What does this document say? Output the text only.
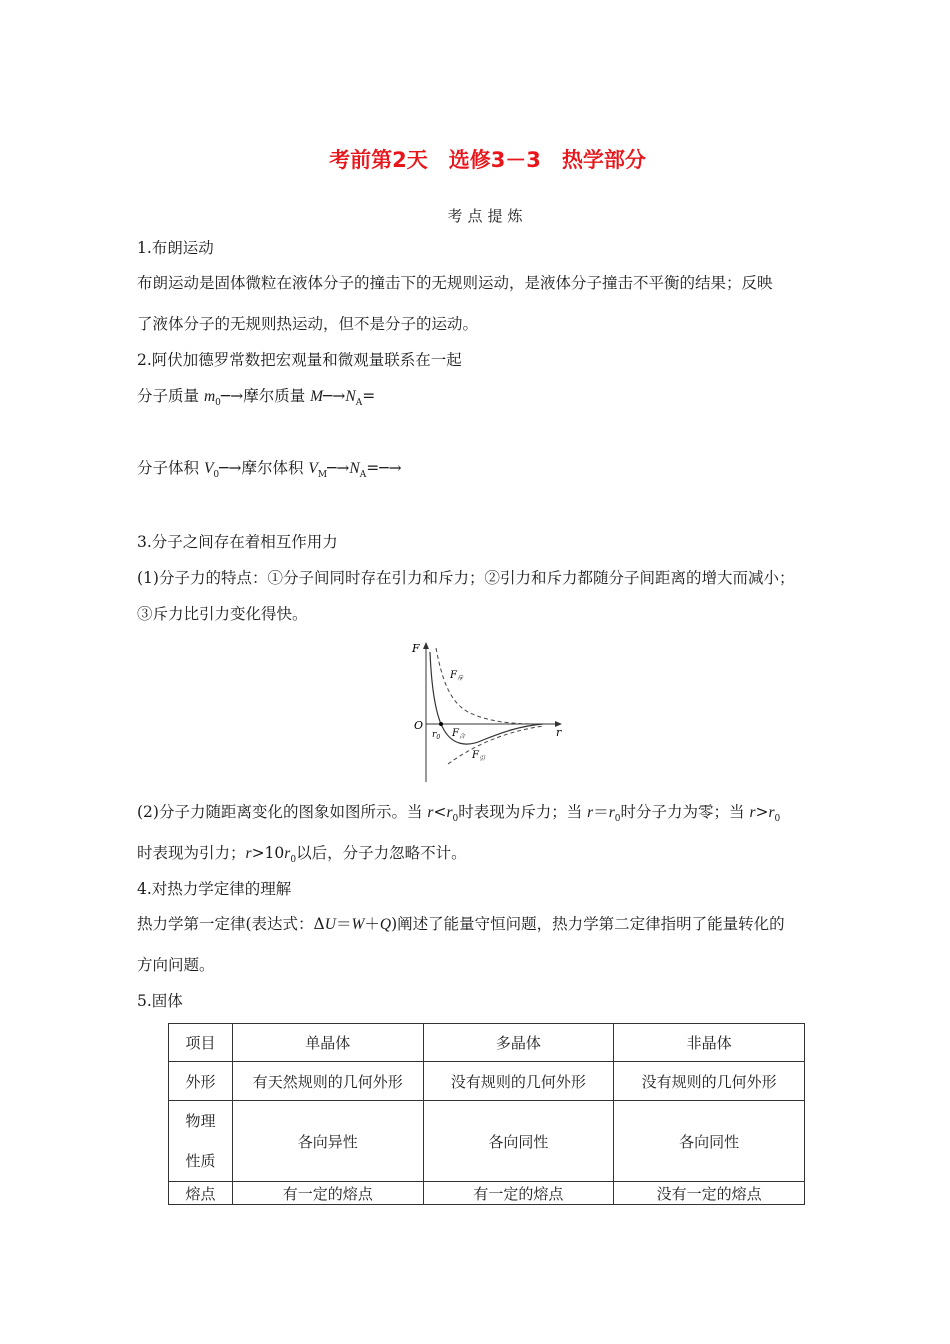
考前第2天　选修3－3　热学部分
考点提炼
1.布朗运动
布朗运动是固体微粒在液体分子的撞击下的无规则运动，是液体分子撞击不平衡的结果；反映
了液体分子的无规则热运动，但不是分子的运动。
2.阿伏加德罗常数把宏观量和微观量联系在一起
分子质量 $m_0─\to$摩尔质量 $M─\to N_A=$
分子体积 $V_0─\to$摩尔体积 $V_M─\to N_A=─\to$
3.分子之间存在着相互作用力
(1)分子力的特点：①分子间同时存在引力和斥力；②引力和斥力都随分子间距离的增大而减小；
③斥力比引力变化得快。
F
r
O
$r_0$
$F_斥$
$F_合$
$F_引$
(2)分子力随距离变化的图象如图所示。当 $r<r_0$时表现为斥力；当 $r=r_0$时分子力为零；当 $r>r_0$
时表现为引力；$r>10r_0$以后，分子力忽略不计。
4.对热力学定律的理解
热力学第一定律(表达式：ΔU＝W＋Q)阐述了能量守恒问题，热力学第二定律指明了能量转化的
方向问题。
5.固体
项目	单晶体	多晶体	非晶体
外形	有天然规则的几何外形	没有规则的几何外形	没有规则的几何外形

物理
性质	各向异性	各向同性	各向同性
熔点	有一定的熔点	有一定的熔点	没有一定的熔点
